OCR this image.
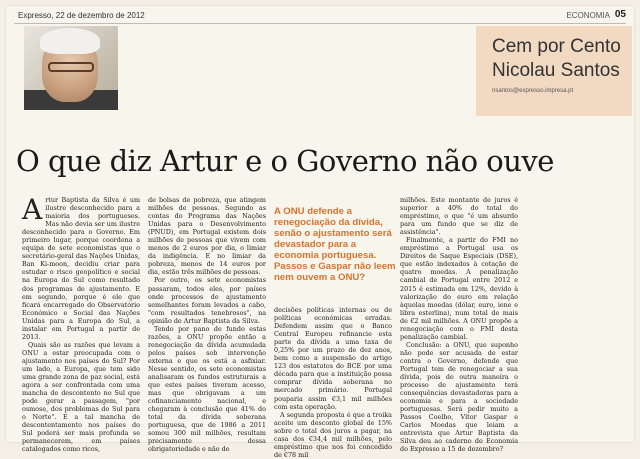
Expresso, 22 de dezembro de 2012	ECONOMIA 05
Cem por Cento
Nicolau Santos
nsantos@expresso.impresa.pt
O que diz Artur e o Governo não ouve

Artur Baptista da Silva é um ilustre desconhecido para a maioria dos portugueses. Mas não devia ser um ilustre desconhecido para o Governo. Em primeiro lugar, porque coordena a equipa de sete economistas que o secretário-geral das Nações Unidas, Ban Ki-moon, decidiu criar para estudar o risco geopolítico e social na Europa do Sul como resultado dos programas de ajustamento. E em segundo, porque é ele que ficará encarregado do Observatório Económico e Social das Nações Unidas para a Europa do Sul, a instalar em Portugal a partir de 2013.

Quais são as razões que levam a ONU a estar preocupada com o ajustamento nos países do Sul? Por um lado, a Europa, que tem sido uma grande zona de paz social, está agora a ser confrontada com uma mancha de descontento no Sul que pode gerar a passagem, "por osmose, dos problemas do Sul para o Norte". E a tal mancha de descontentamento nos países do Sul poderá ser mais profunda se permanecerem, em países catalogados como ricos,

de bolsas de pobreza, que atingem milhões de pessoas. Segundo as contas do Programa das Nações Unidas para o Desenvolvimento (PNUD), em Portugal existem dois milhões de pessoas que vivem com menos de 2 euros por dia, o limiar da indigência. E no limiar da pobreza, menos de 14 euros por dia, estão três milhões de pessoas.

Por outro, os sete economistas passaram, todos eles, por países onde processos de ajustamento semelhantes foram levados a cabo, "com resultados tenebrosos", na opinião de Artur Baptista da Silva.

Tendo por pano de fundo estas razões, a ONU propõe então a renegociação da dívida acumulada pelos países sob intervenção externa e que os está a asfixiar. Nesse sentido, os sete economistas analisaram os fundos estruturais a que estes países tiveram acesso, mas que obrigavam a um cofinanciamento nacional, e chegaram à conclusão que 41% do total da dívida soberana portuguesa, que de 1986 a 2011 somou 300 mil milhões, resultam precisamente dessa obrigatoriedade e não de

A ONU defende a renegociação da dívida, senão o ajustamento será devastador para a economia portuguesa. Passos e Gaspar não leem nem ouvem a ONU?

decisões políticas internas ou de políticas económicas erradas. Defendem assim que o Banco Central Europeu refinancie esta parte da dívida a uma taxa de 0,25% por um prazo de dez anos, bem como a suspensão do artigo 123 dos estatutos do BCE por uma década para que a instituição possa comprar dívida soberana no mercado primário. Portugal pouparia assim €3,1 mil milhões com esta operação.

A segunda proposta é que a troika aceite um desconto global de 15% sobre o total dos juros a pagar, na casa dos €34,4 mil milhões, pelo empréstimo que nos foi concedido de €78 mil

milhões. Este montante de juros é superior a 40% do total do empréstimo, o que "é um absurdo para um fundo que se diz de assistência".

Finalmente, a partir do FMI no empréstimo a Portugal usa os Direitos de Saque Especiais (DSE), que estão indexados à cotação de quatro moedas. A penalização cambial de Portugal entre 2012 e 2015 é estimada em 12%, devido à valorização do euro em relação àquelas moedas (dólar, euro, iene e libra esterlina), num total de mais de €2 mil milhões. A ONU propõe a renegociação com o FMI desta penalização cambial.

Conclusão: a ONU, que suponho não pode ser acusada de estar contra o Governo, defende que Portugal tem de renegociar a sua dívida, pois de outra maneira o processo de ajustamento terá consequências devastadoras para a economia e para a sociedade portuguesas. Será pedir muito a Passos Coelho, Vítor Gaspar e Carlos Moedas que leiam a entrevista que Artur Baptista da Silva deu ao caderno de Economia do Expresso a 15 de dezembro?
